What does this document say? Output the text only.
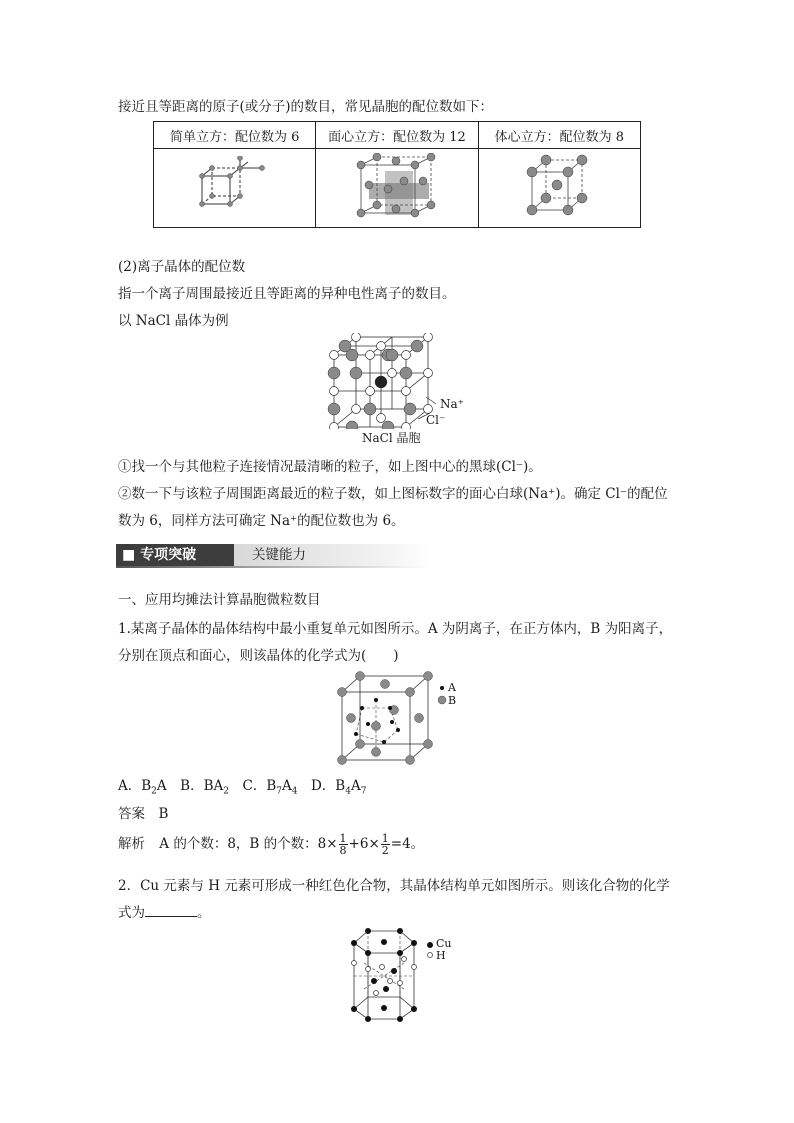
接近且等距离的原子(或分子)的数目，常见晶胞的配位数如下：
简单立方：配位数为 6	面心立方：配位数为 12	体心立方：配位数为 8

(2)离子晶体的配位数
指一个离子周围最接近且等距离的异种电性离子的数目。
以 NaCl 晶体为例
Na⁺
Cl⁻
NaCl 晶胞
①找一个与其他粒子连接情况最清晰的粒子，如上图中心的黑球(Cl⁻)。
②数一下与该粒子周围距离最近的粒子数，如上图标数字的面心白球(Na⁺)。确定 Cl⁻的配位
数为 6，同样方法可确定 Na⁺的配位数也为 6。
■ 专项突破	关键能力
一、应用均摊法计算晶胞微粒数目
1.某离子晶体的晶体结构中最小重复单元如图所示。A 为阴离子，在正方体内，B 为阳离子，
分别在顶点和面心，则该晶体的化学式为(　　)
A
B
A．$B_2A$　B．$BA_2$　C．$B_7A_4$　D．$B_4A_7$
答案　B
解析 A 的个数：8，B 的个数：$8\times \frac{1}{8} +6\times \frac{1}{2} =4$。
2．Cu 元素与 H 元素可形成一种红色化合物，其晶体结构单元如图所示。则该化合物的化学
式为	。
Cu
H
